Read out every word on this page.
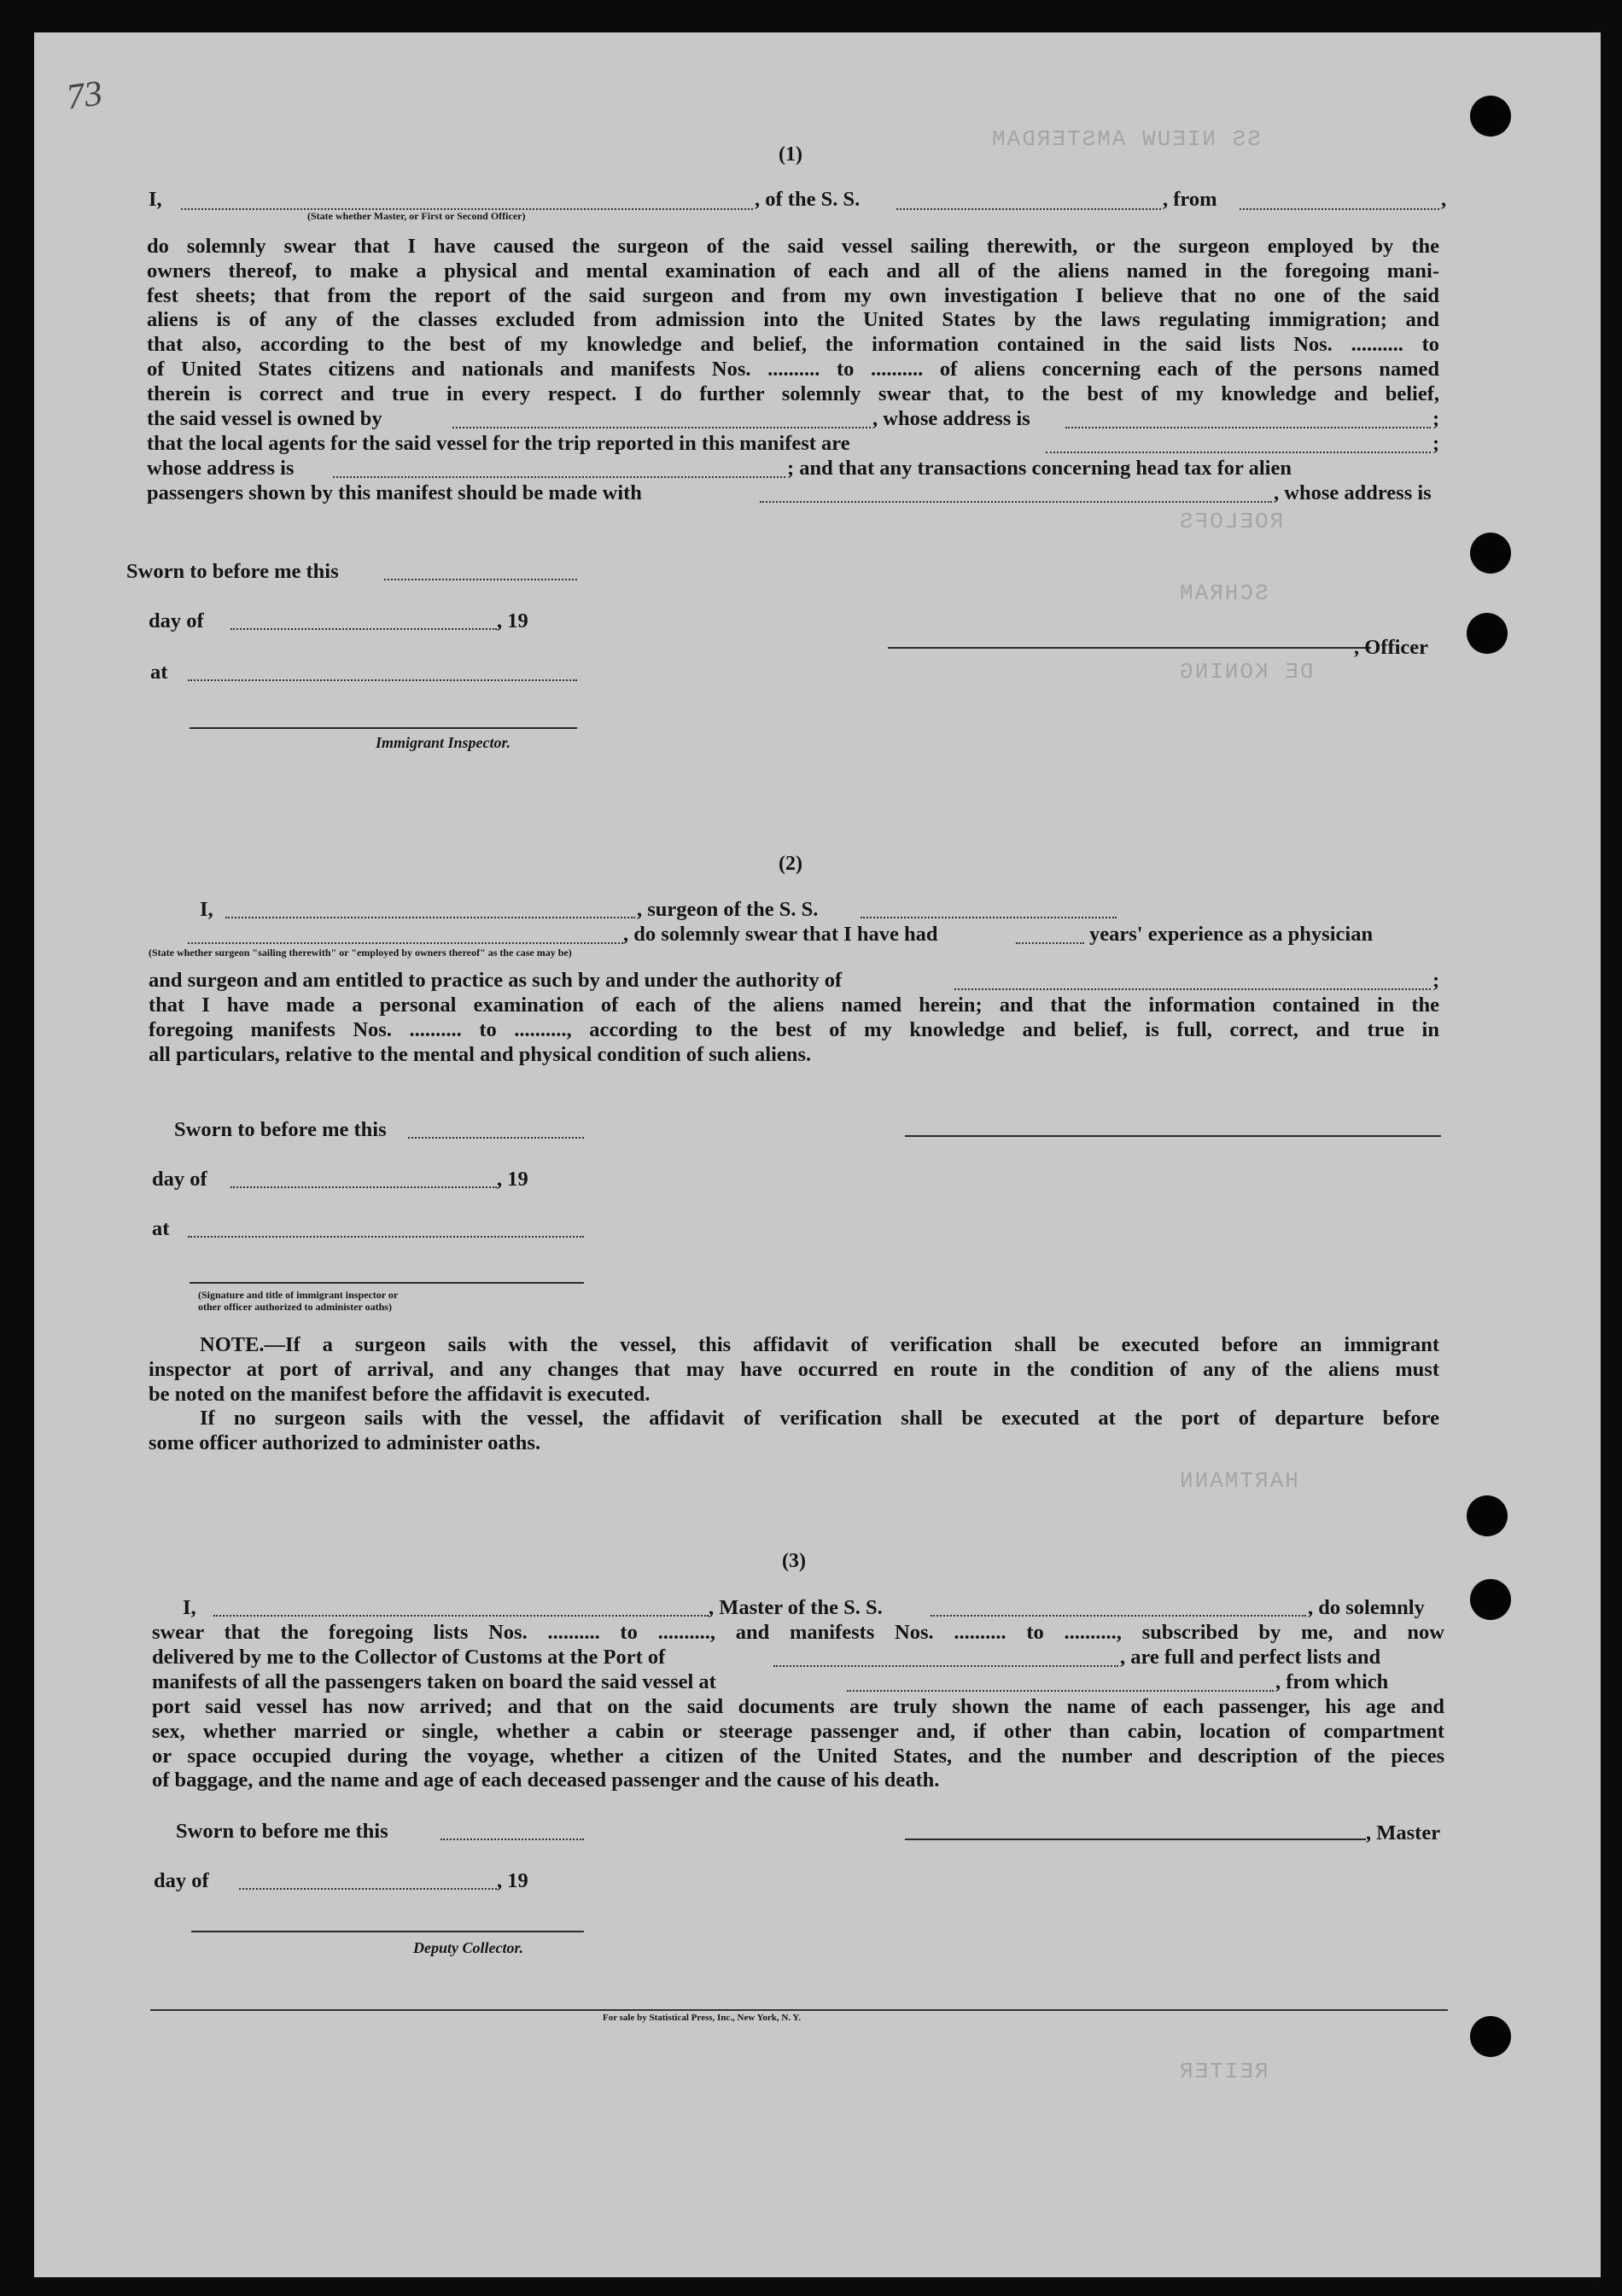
73
SS NIEUW AMSTERDAM
ROELOFS
SCHRAM
DE KONING
HARTMANN
REITER
(1)
I,	, of the S. S.	, from	,
(State whether Master, or First or Second Officer)
do solemnly swear that I have caused the surgeon of the said vessel sailing therewith, or the surgeon employed by the
owners thereof, to make a physical and mental examination of each and all of the aliens named in the foregoing mani-
fest sheets; that from the report of the said surgeon and from my own investigation I believe that no one of the said
aliens is of any of the classes excluded from admission into the United States by the laws regulating immigration; and
that also, according to the best of my knowledge and belief, the information contained in the said lists Nos. .......... to
of United States citizens and nationals and manifests Nos. .......... to .......... of aliens concerning each of the persons named
therein is correct and true in every respect. I do further solemnly swear that, to the best of my knowledge and belief,
the said vessel is owned by	, whose address is	;
that the local agents for the said vessel for the trip reported in this manifest are	;
whose address is	; and that any transactions concerning head tax for alien
passengers shown by this manifest should be made with	, whose address is
Sworn to before me this
day of	, 19
at
Immigrant Inspector.
, Officer
(2)
I,	, surgeon of the S. S.
, do solemnly swear that I have had	years' experience as a physician
(State whether surgeon "sailing therewith" or "employed by owners thereof" as the case may be)
and surgeon and am entitled to practice as such by and under the authority of	;
that I have made a personal examination of each of the aliens named herein; and that the information contained in the
foregoing manifests Nos. .......... to .........., according to the best of my knowledge and belief, is full, correct, and true in
all particulars, relative to the mental and physical condition of such aliens.
Sworn to before me this
day of	, 19
at
(Signature and title of immigrant inspector or
other officer authorized to administer oaths)
NOTE.—If a surgeon sails with the vessel, this affidavit of verification shall be executed before an immigrant
inspector at port of arrival, and any changes that may have occurred en route in the condition of any of the aliens must
be noted on the manifest before the affidavit is executed.
If no surgeon sails with the vessel, the affidavit of verification shall be executed at the port of departure before
some officer authorized to administer oaths.
(3)
I,	, Master of the S. S.	, do solemnly
swear that the foregoing lists Nos. .......... to .........., and manifests Nos. .......... to .........., subscribed by me, and now
delivered by me to the Collector of Customs at the Port of	, are full and perfect lists and
manifests of all the passengers taken on board the said vessel at	, from which
port said vessel has now arrived; and that on the said documents are truly shown the name of each passenger, his age and
sex, whether married or single, whether a cabin or steerage passenger and, if other than cabin, location of compartment
or space occupied during the voyage, whether a citizen of the United States, and the number and description of the pieces
of baggage, and the name and age of each deceased passenger and the cause of his death.
Sworn to before me this
day of	, 19
Deputy Collector.
, Master
For sale by Statistical Press, Inc., New York, N. Y.
